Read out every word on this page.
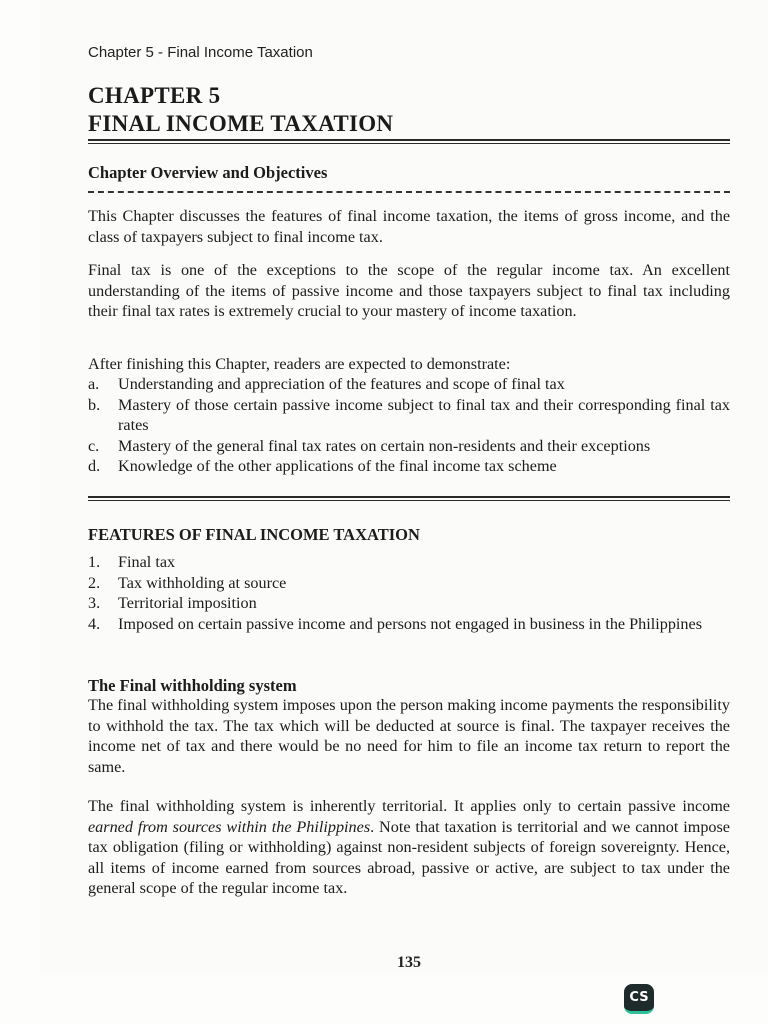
Chapter 5 - Final Income Taxation
CHAPTER 5
FINAL INCOME TAXATION
Chapter Overview and Objectives
This Chapter discusses the features of final income taxation, the items of gross income, and the class of taxpayers subject to final income tax.
Final tax is one of the exceptions to the scope of the regular income tax. An excellent understanding of the items of passive income and those taxpayers subject to final tax including their final tax rates is extremely crucial to your mastery of income taxation.
After finishing this Chapter, readers are expected to demonstrate:
a. Understanding and appreciation of the features and scope of final tax
b. Mastery of those certain passive income subject to final tax and their corresponding final tax rates
c. Mastery of the general final tax rates on certain non-residents and their exceptions
d. Knowledge of the other applications of the final income tax scheme
FEATURES OF FINAL INCOME TAXATION
1. Final tax
2. Tax withholding at source
3. Territorial imposition
4. Imposed on certain passive income and persons not engaged in business in the Philippines
The Final withholding system
The final withholding system imposes upon the person making income payments the responsibility to withhold the tax. The tax which will be deducted at source is final. The taxpayer receives the income net of tax and there would be no need for him to file an income tax return to report the same.
The final withholding system is inherently territorial. It applies only to certain passive income earned from sources within the Philippines. Note that taxation is territorial and we cannot impose tax obligation (filing or withholding) against non-resident subjects of foreign sovereignty. Hence, all items of income earned from sources abroad, passive or active, are subject to tax under the general scope of the regular income tax.
135
CS
